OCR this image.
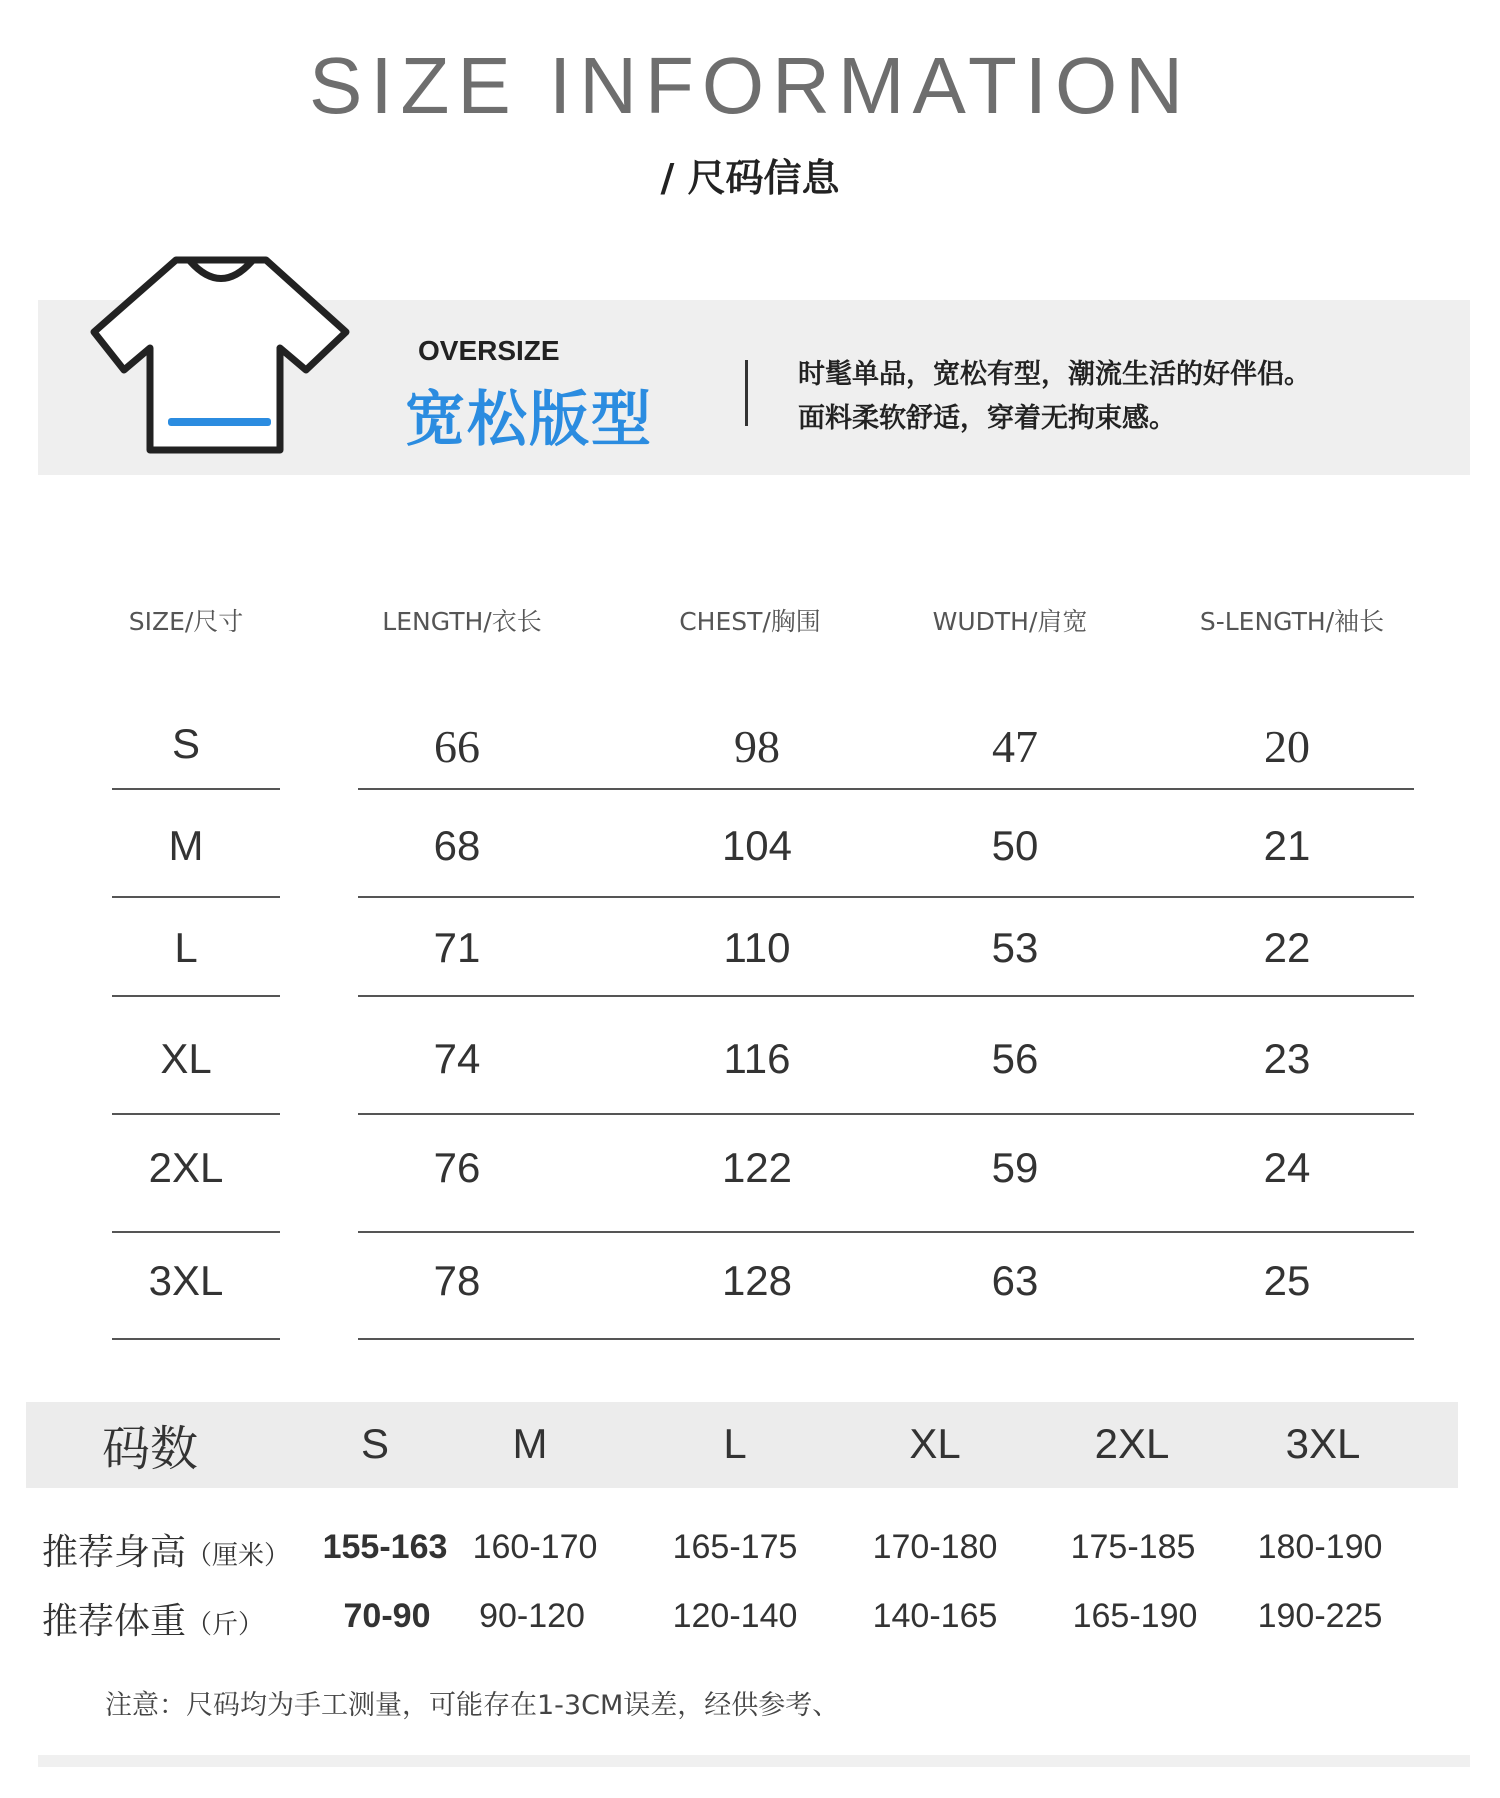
SIZE INFORMATION
/ 尺码信息
OVERSIZE
宽松版型
时髦单品，宽松有型，潮流生活的好伴侣。
面料柔软舒适，穿着无拘束感。
SIZE/尺寸	LENGTH/衣长	CHEST/胸围	WUDTH/肩宽	S-LENGTH/袖长
S	66	98	47	20
M	68	104	50	21
L	71	110	53	22
XL	74	116	56	23
2XL	76	122	59	24
3XL	78	128	63	25
码数	S	M	L	XL	2XL	3XL
推荐身高（厘米） 155-163 160-170	165-175	170-180	175-185	180-190
推荐体重（斤）	70-90	90-120	120-140	140-165	165-190	190-225
注意：尺码均为手工测量，可能存在1-3CM误差，经供参考、
